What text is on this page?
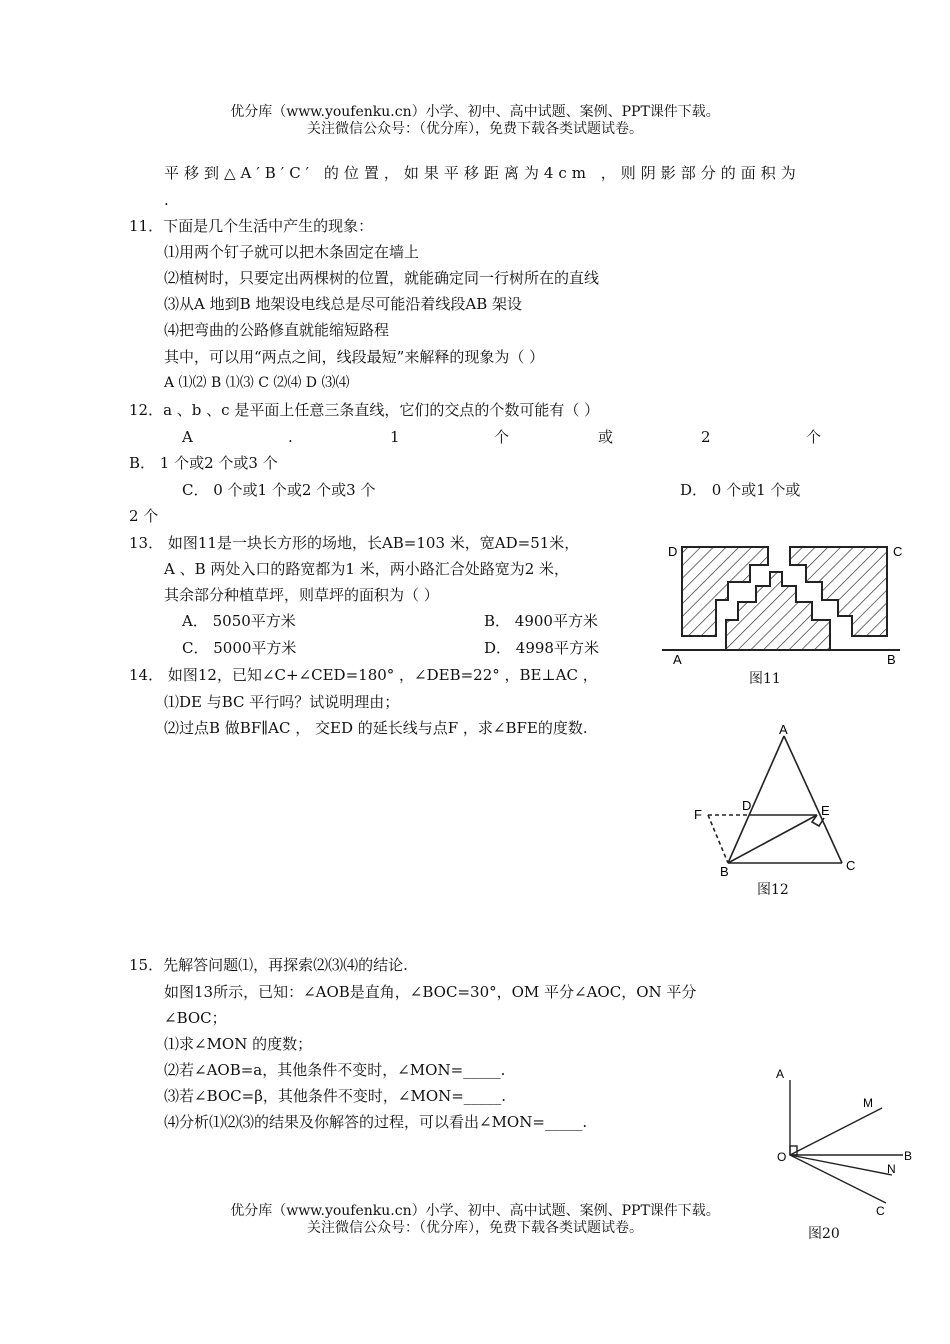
优分库（www.youfenku.cn）小学、初中、高中试题、案例、PPT课件下载。
关注微信公众号：（优分库），免费下载各类试题试卷。
平移到△A′B′C′ 的位置，如果平移距离为4cm ，则阴影部分的面积为
.
11．下面是几个生活中产生的现象：
⑴用两个钉子就可以把木条固定在墙上
⑵植树时，只要定出两棵树的位置，就能确定同一行树所在的直线
⑶从A 地到B 地架设电线总是尽可能沿着线段AB 架设
⑷把弯曲的公路修直就能缩短路程
其中，可以用“两点之间，线段最短”来解释的现象为（ ）
A ⑴⑵ B ⑴⑶ C ⑵⑷ D ⑶⑷
12．a 、b 、c 是平面上任意三条直线，它们的交点的个数可能有（ ）
A	.	1	个	或	2	个
B． 1 个或2 个或3 个
C． 0 个或1 个或2 个或3 个	D． 0 个或1 个或
2 个
13． 如图11是一块长方形的场地，长AB=103 米，宽AD=51米，
A 、B 两处入口的路宽都为1 米，两小路汇合处路宽为2 米，
其余部分种植草坪，则草坪的面积为（ ）
A． 5050平方米	B． 4900平方米
C． 5000平方米	D． 4998平方米
D	C
A	B
图11
14． 如图12，已知∠C+∠CED=180° ，∠DEB=22° ，BE⊥AC ，
⑴DE 与BC 平行吗？试说明理由；
⑵过点B 做BF∥AC ， 交ED 的延长线与点F ，求∠BFE的度数.	A
D	E
F
B	C
图12
15．先解答问题⑴，再探索⑵⑶⑷的结论.
如图13所示，已知：∠AOB是直角，∠BOC=30°，OM 平分∠AOC，ON 平分
∠BOC；
⑴求∠MON 的度数；
⑵若∠AOB=a，其他条件不变时，∠MON=_____.
⑶若∠BOC=β，其他条件不变时，∠MON=_____.
⑷分析⑴⑵⑶的结果及你解答的过程，可以看出∠MON=_____.
A
M
O	B
N
C
图20
优分库（www.youfenku.cn）小学、初中、高中试题、案例、PPT课件下载。
关注微信公众号：（优分库），免费下载各类试题试卷。
